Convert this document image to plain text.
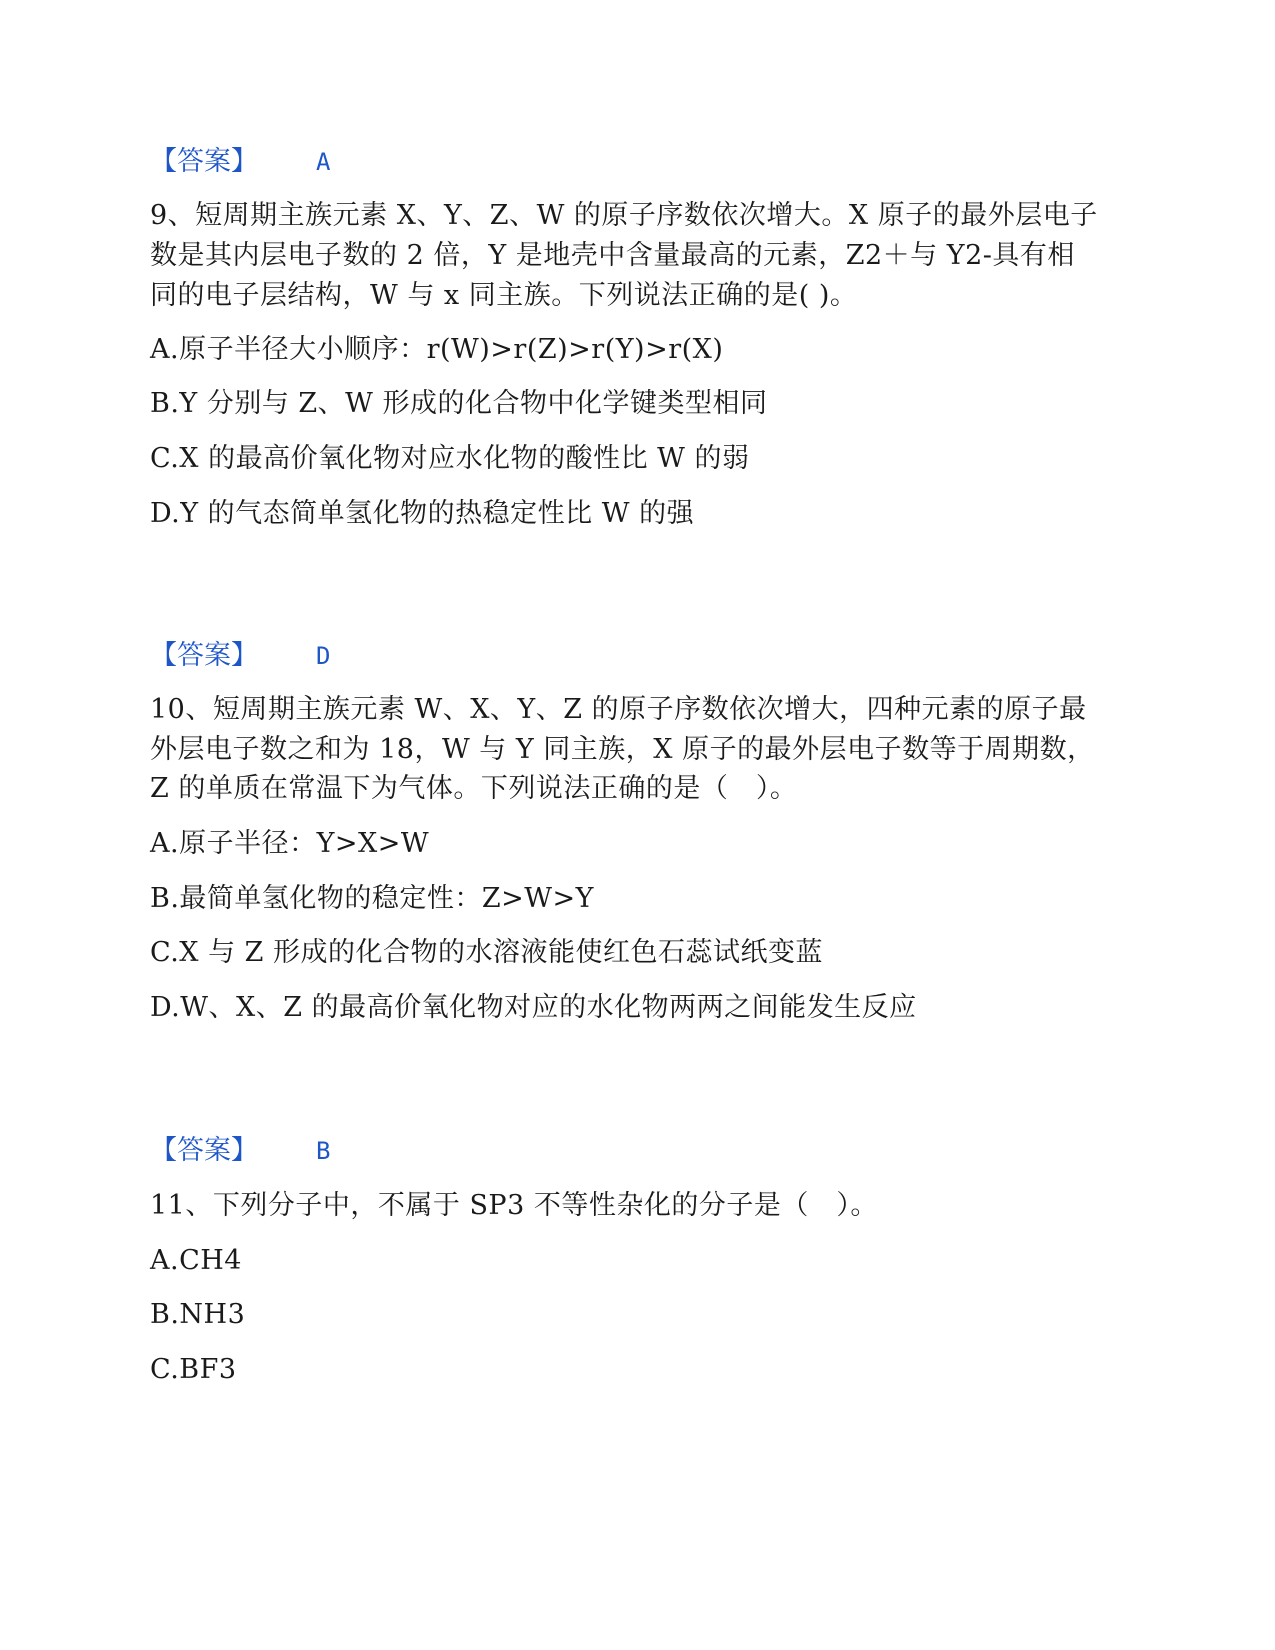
【答案】 A
9、短周期主族元素 X、Y、Z、W 的原子序数依次增大。X 原子的最外层电子
数是其内层电子数的 2 倍，Y 是地壳中含量最高的元素，Z2＋与 Y2-具有相
同的电子层结构，W 与 x 同主族。下列说法正确的是( )。
A.原子半径大小顺序：r(W)>r(Z)>r(Y)>r(X)
B.Y 分别与 Z、W 形成的化合物中化学键类型相同
C.X 的最高价氧化物对应水化物的酸性比 W 的弱
D.Y 的气态简单氢化物的热稳定性比 W 的强
【答案】 D
10、短周期主族元素 W、X、Y、Z 的原子序数依次增大，四种元素的原子最
外层电子数之和为 18，W 与 Y 同主族，X 原子的最外层电子数等于周期数，
Z 的单质在常温下为气体。下列说法正确的是（　）。
A.原子半径：Y>X>W
B.最简单氢化物的稳定性：Z>W>Y
C.X 与 Z 形成的化合物的水溶液能使红色石蕊试纸变蓝
D.W、X、Z 的最高价氧化物对应的水化物两两之间能发生反应
【答案】 B
11、下列分子中，不属于 SP3 不等性杂化的分子是（　）。
A.CH4
B.NH3
C.BF3
